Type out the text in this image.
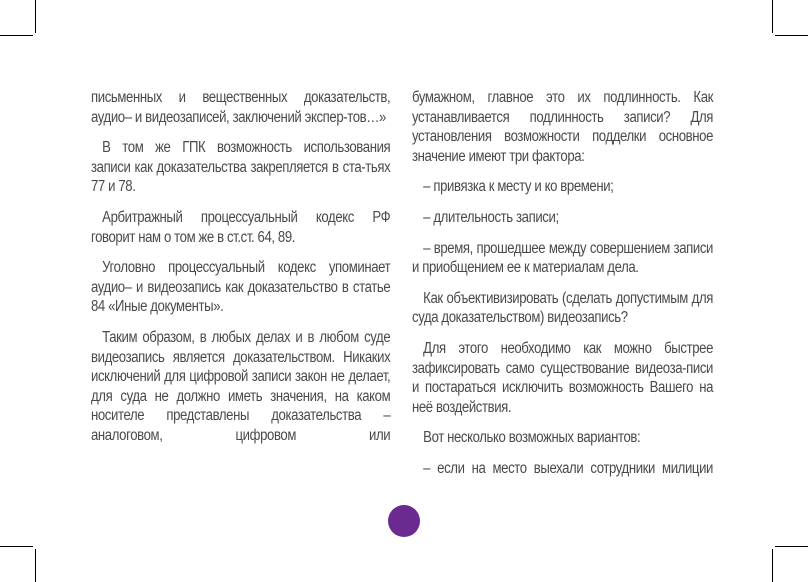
письменных и вещественных доказательств, аудио– и видеозаписей, заключений экспер-тов…»

В том же ГПК возможность использования записи как доказательства закрепляется в ста-тьях 77 и 78.

Арбитражный процессуальный кодекс РФ говорит нам о том же в ст.ст. 64, 89.

Уголовно процессуальный кодекс упоминает аудио– и видеозапись как доказательство в статье 84 «Иные документы».

Таким образом, в любых делах и в любом суде видеозапись является доказательством. Никаких исключений для цифровой записи закон не делает, для суда не должно иметь значения, на каком носителе представлены доказательства – аналоговом, цифровом или

бумажном, главное это их подлинность. Как устанавливается подлинность записи? Для установления возможности подделки основное значение имеют три фактора:

– привязка к месту и ко времени;

– длительность записи;

– время, прошедшее между совершением записи и приобщением ее к материалам дела.

Как объективизировать (сделать допустимым для суда доказательством) видеозапись?

Для этого необходимо как можно быстрее зафиксировать само существование видеоза-писи и постараться исключить возможность Вашего на неё воздействия.

Вот несколько возможных вариантов:

– если на место выехали сотрудники милиции
